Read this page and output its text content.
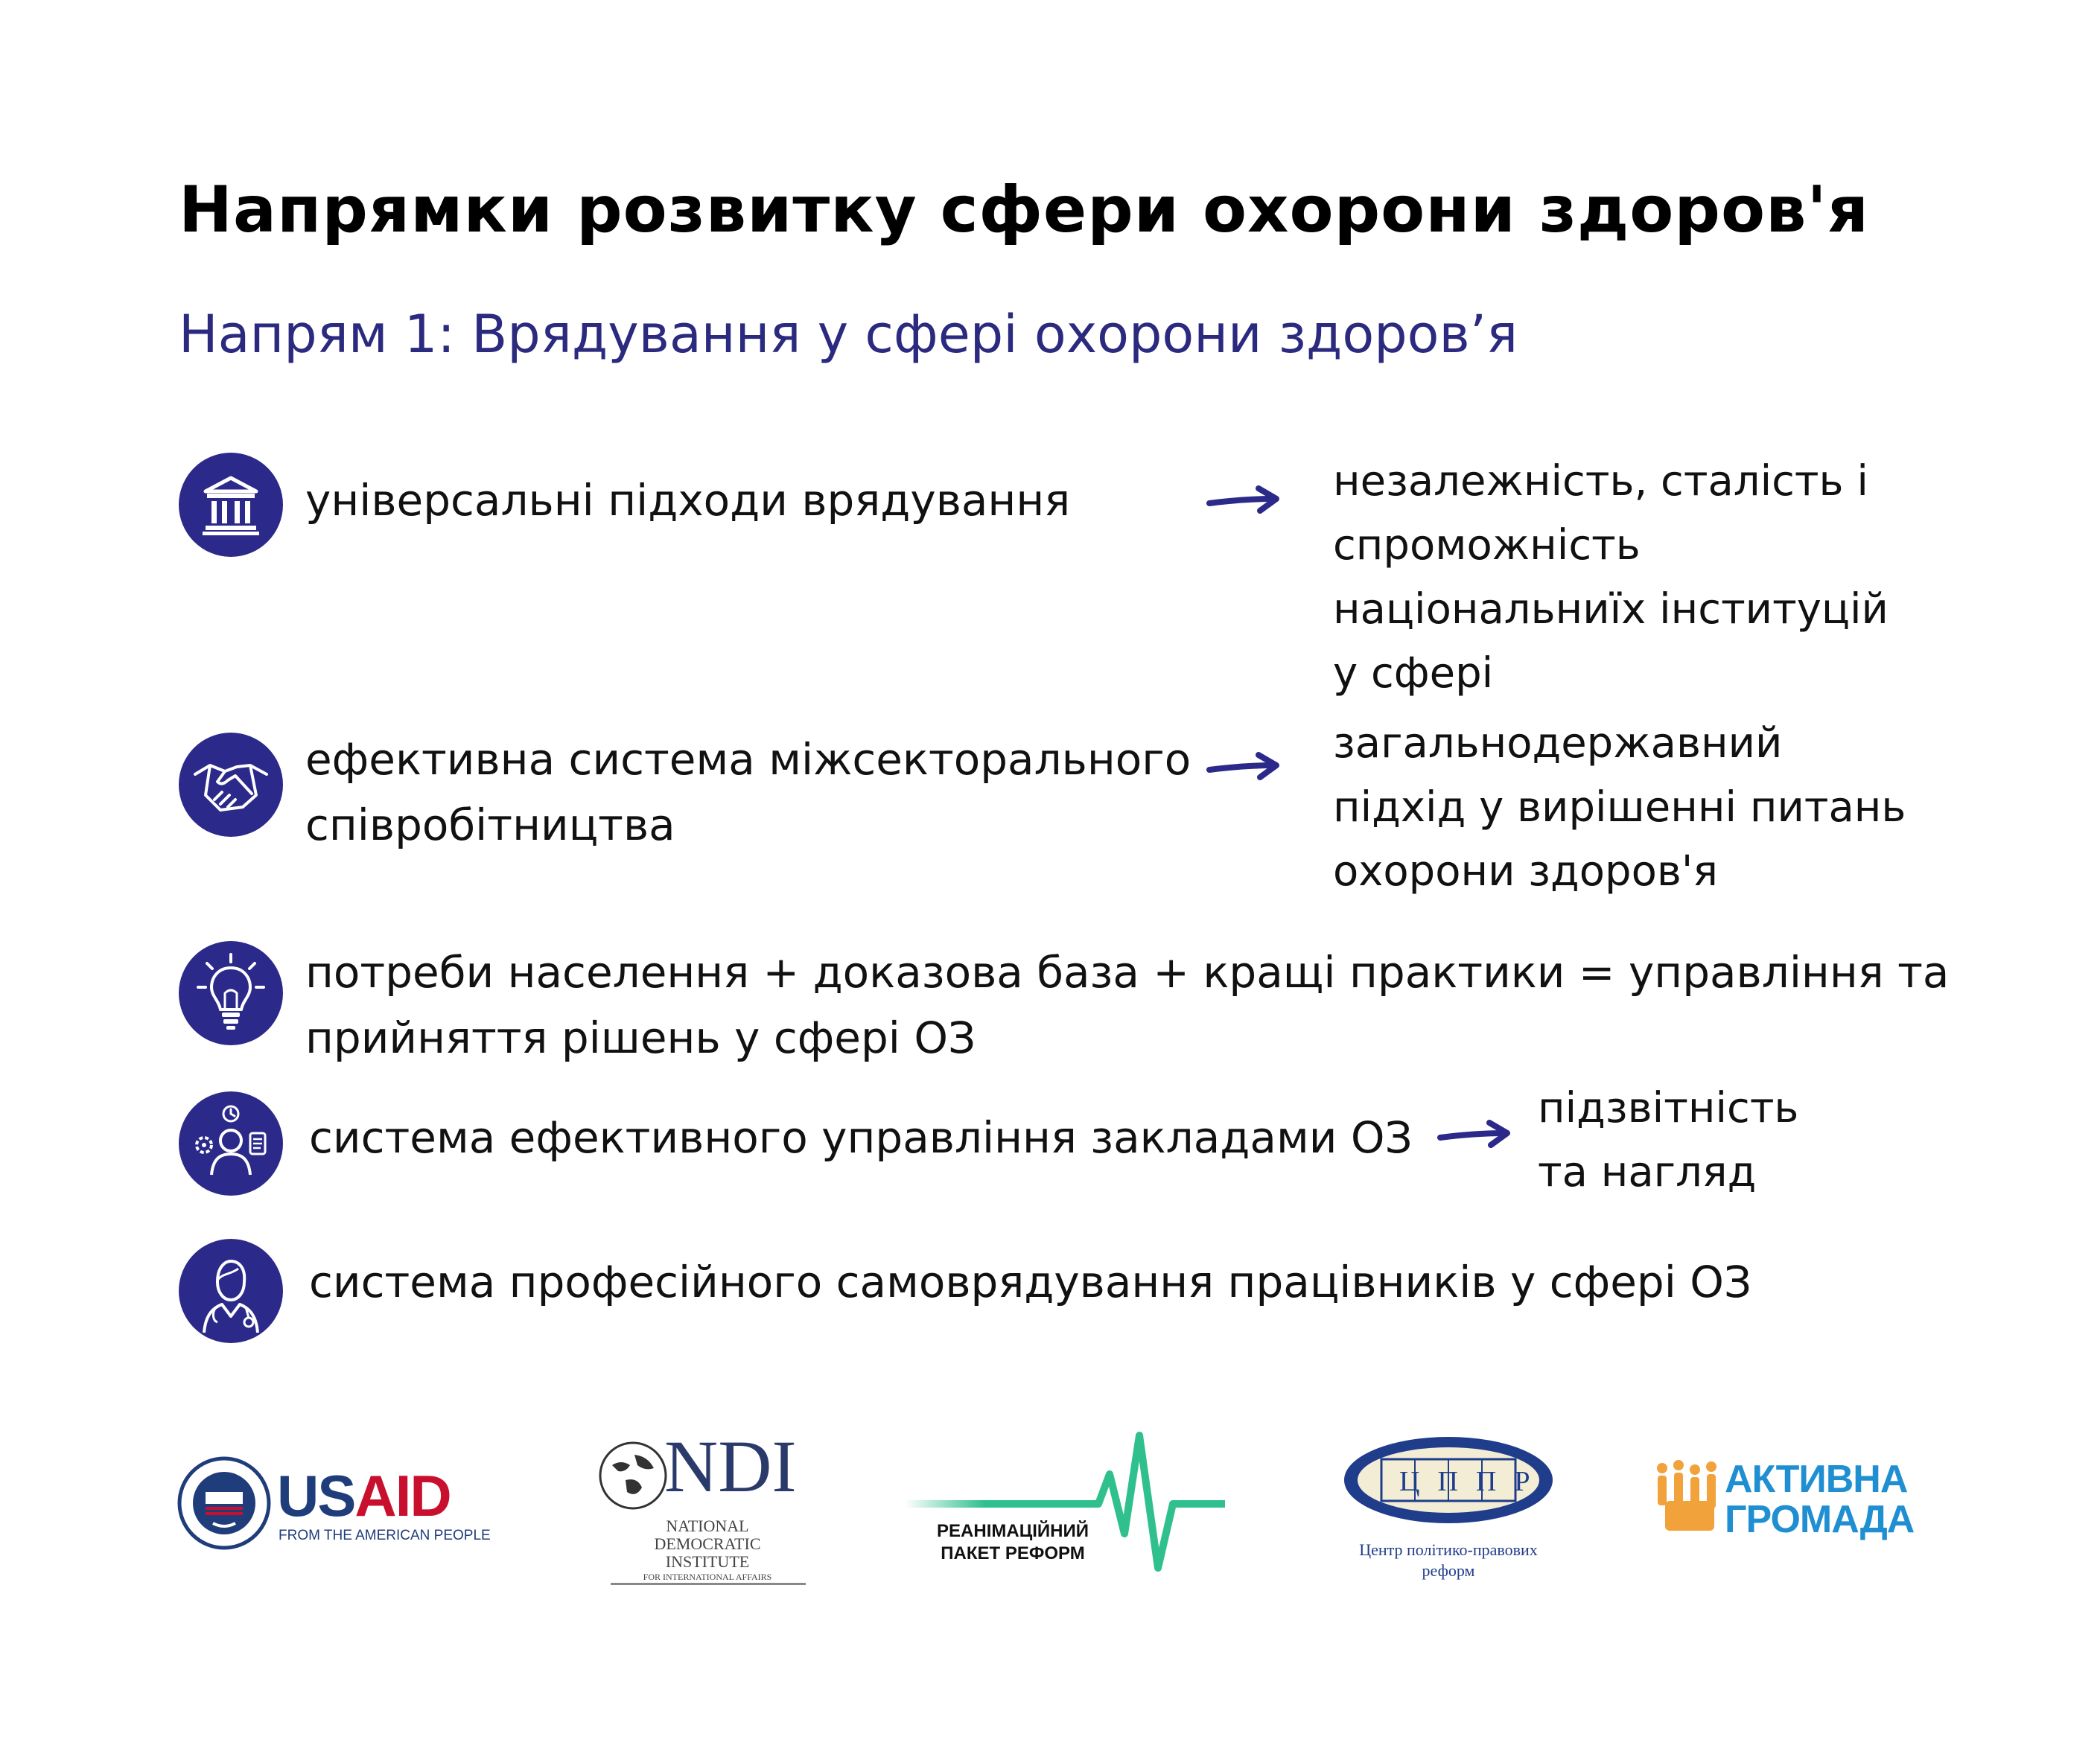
Напрямки розвитку сфери охорони здоров'я
Напрям 1: Врядування у сфері охорони здоров’я

універсальні підходи врядування	незалежність, сталість і
спроможність
національниїх інституцій
у сфері

ефективна система міжсекторального
співробітництва

загальнодержавний
підхід у вирішенні питань
охорони здоров'я

потреби населення + доказова база + кращі практики = управління та
прийняття рішень у сфері ОЗ

система ефективного управління закладами ОЗ

підзвітність
та нагляд

система професійного самоврядування працівників у сфері ОЗ

USAID
FROM THE AMERICAN PEOPLE
NDI
NATIONAL
DEMOCRATIC
INSTITUTE
FOR INTERNATIONAL AFFAIRS
РЕАНІМАЦІЙНИЙ
ПАКЕТ РЕФОРМ
ЦППР
Центр політико-правових
реформ
АКТИВНА
ГРОМАДА
